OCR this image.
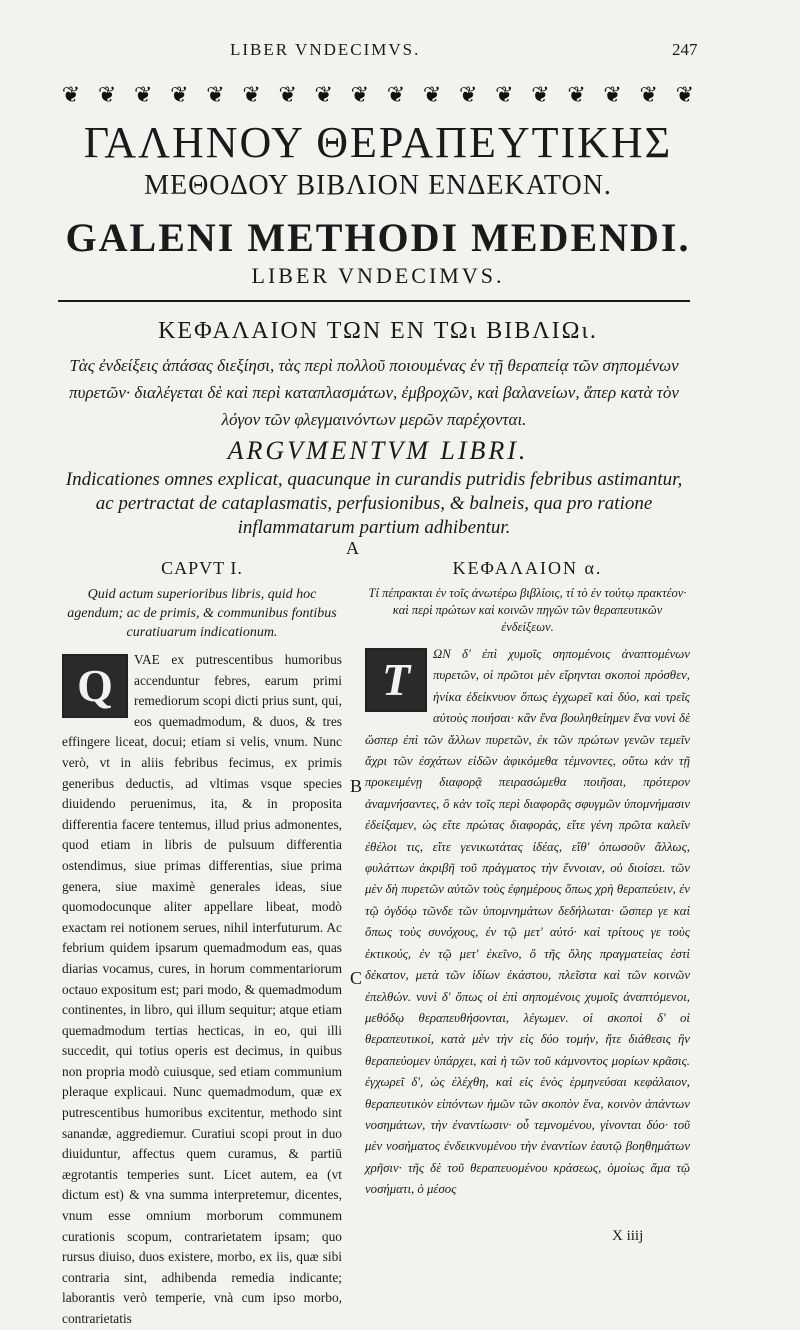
LIBER VNDECIMVS.	247
❦ ❦ ❦ ❦ ❦ ❦ ❦ ❦ ❦ ❦ ❦ ❦ ❦ ❦ ❦ ❦ ❦ ❦
ΓΑΛΗΝΟΥ ΘΕΡΑΠΕΥΤΙΚΗΣ
ΜΕΘΟΔΟΥ ΒΙΒΛΙΟΝ ΕΝΔΕΚΑΤΟΝ.
GALENI METHODI MEDENDI.
LIBER VNDECIMVS.
ΚΕΦΑΛΑΙΟΝ ΤΩΝ ΕΝ ΤΩι ΒΙΒΛΙΩι.
Τὰς ἐνδείξεις ἁπάσας διεξίησι, τὰς περὶ πολλοῦ ποιουμένας ἐν τῇ θεραπείᾳ τῶν σηπομένων πυρετῶν· διαλέγεται δὲ καὶ περὶ καταπλασμάτων, ἐμβροχῶν, καὶ βαλανείων, ἅπερ κατὰ τὸν λόγον τῶν φλεγμαινόντων μερῶν παρέχονται.
ARGVMENTVM LIBRI.
Indicationes omnes explicat, quacunque in curandis putridis febribus astimantur, ac pertractat de cataplasmatis, perfusionibus, & balneis, qua pro ratione inflammatarum partium adhibentur.
A
B
C
CAPVT I.
Quid actum superioribus libris, quid hoc agendum; ac de primis, & communibus fontibus curatiuarum indicationum.
Q
VAE ex putrescentibus humoribus accenduntur febres, earum primi remediorum scopi dicti prius sunt, qui, eos quemadmodum, & duos, & tres effingere liceat, docui; etiam si velis, vnum. Nunc verò, vt in aliis febribus fecimus, ex primis generibus deductis, ad vltimas vsque species diuidendo peruenimus, ita, & in proposita differentia facere tentemus, illud prius admonentes, quod etiam in libris de pulsuum differentia ostendimus, siue primas differentias, siue prima genera, siue maximè generales ideas, siue quomodocunque aliter appellare libeat, modò exactam rei notionem serues, nihil interfuturum. Ac febrium quidem ipsarum quemadmodum eas, quas diarias vocamus, cures, in horum commentariorum octauo expositum est; pari modo, & quemadmodum continentes, in libro, qui illum sequitur; atque etiam quemadmodum tertias hecticas, in eo, qui illi succedit, qui totius operis est decimus, in quibus non propria modò cuiusque, sed etiam communium pleraque explicaui. Nunc quemadmodum, quæ ex putrescentibus humoribus excitentur, methodo sint sanandæ, aggrediemur. Curatiui scopi prout in duo diuiduntur, affectus quem curamus, & partiū ægrotantis temperies sunt. Licet autem, ea (vt dictum est) & vna summa interpretemur, dicentes, vnum esse omnium morborum communem curationis scopum, contrarietatem ipsam; quo rursus diuiso, duos existere, morbo, ex iis, quæ sibi contraria sint, adhibenda remedia indicante; laborantis verò temperie, vnà cum ipso morbo, contrarietatis
ΚΕΦΑΛΑΙΟΝ α.
Τί πέπρακται ἐν τοῖς ἀνωτέρω βιβλίοις, τί τὸ ἐν τούτῳ πρακτέον· καὶ περὶ πρώτων καὶ κοινῶν πηγῶν τῶν θεραπευτικῶν ἐνδείξεων.
Τ	ΩΝ δ' ἐπὶ χυμοῖς σηπομένοις ἀναπτομένων πυρετῶν, οἱ πρῶτοι μὲν εἴρηνται σκοποὶ πρόσθεν, ἡνίκα ἐδείκνυον ὅπως ἐγχωρεῖ καὶ δύο, καὶ τρεῖς αὐτοὺς ποιήσαι· κἂν ἕνα βουληθείημεν ἕνα νυνὶ δὲ ὥσπερ ἐπὶ τῶν ἄλλων πυρετῶν, ἐκ τῶν πρώτων γενῶν τεμεῖν ἄχρι τῶν ἐσχάτων εἰδῶν ἀφικόμεθα τέμνοντες, οὕτω κἀν τῇ προκειμένῃ διαφορᾷ πειρασώμεθα ποιῆσαι, πρότερον ἀναμνήσαντες, ὃ κἀν τοῖς περὶ διαφορᾶς σφυγμῶν ὑπομνήμασιν ἐδείξαμεν, ὡς εἴτε πρώτας διαφοράς, εἴτε γένη πρῶτα καλεῖν ἐθέλοι τις, εἴτε γενικωτάτας ἰδέας, εἴθ' ὁπωσοῦν ἄλλως, φυλάττων ἀκριβῆ τοῦ πράγματος τὴν ἔννοιαν, οὐ διοίσει. τῶν μὲν δὴ πυρετῶν αὐτῶν τοὺς ἐφημέρους ὅπως χρὴ θεραπεύειν, ἐν τῷ ὀγδόῳ τῶνδε τῶν ὑπομνημάτων δεδήλωται· ὥσπερ γε καὶ ὅπως τοὺς συνόχους, ἐν τῷ μετ' αὐτό· καὶ τρίτους γε τοὺς ἑκτικούς, ἐν τῷ μετ' ἐκεῖνο, ὅ τῆς ὅλης πραγματείας ἐστὶ δέκατον, μετὰ τῶν ἰδίων ἑκάστου, πλεῖστα καὶ τῶν κοινῶν ἐπελθών. νυνὶ δ' ὅπως οἱ ἐπὶ σηπομένοις χυμοῖς ἀναπτόμενοι, μεθόδῳ θεραπευθήσονται, λέγωμεν. οἱ σκοποὶ δ' οἱ θεραπευτικοί, κατὰ μὲν τὴν εἰς δύο τομήν, ἥτε διάθεσις ἣν θεραπεύομεν ὑπάρχει, καὶ ἡ τῶν τοῦ κάμνοντος μορίων κρᾶσις. ἐγχωρεῖ δ', ὡς ἐλέχθη, καὶ εἰς ἑνὸς ἑρμηνεύσαι κεφάλαιον, θεραπευτικὸν εἰπόντων ἡμῶν τῶν σκοπὸν ἕνα, κοινὸν ἁπάντων νοσημάτων, τὴν ἐναντίωσιν· οὗ τεμνομένου, γίνονται δύο· τοῦ μὲν νοσήματος ἐνδεικνυμένου τὴν ἐναντίων ἑαυτῷ βοηθημάτων χρῆσιν· τῆς δὲ τοῦ θεραπευομένου κράσεως, ὁμοίως ἅμα τῷ νοσήματι, ὁ μέσος
X iiij
